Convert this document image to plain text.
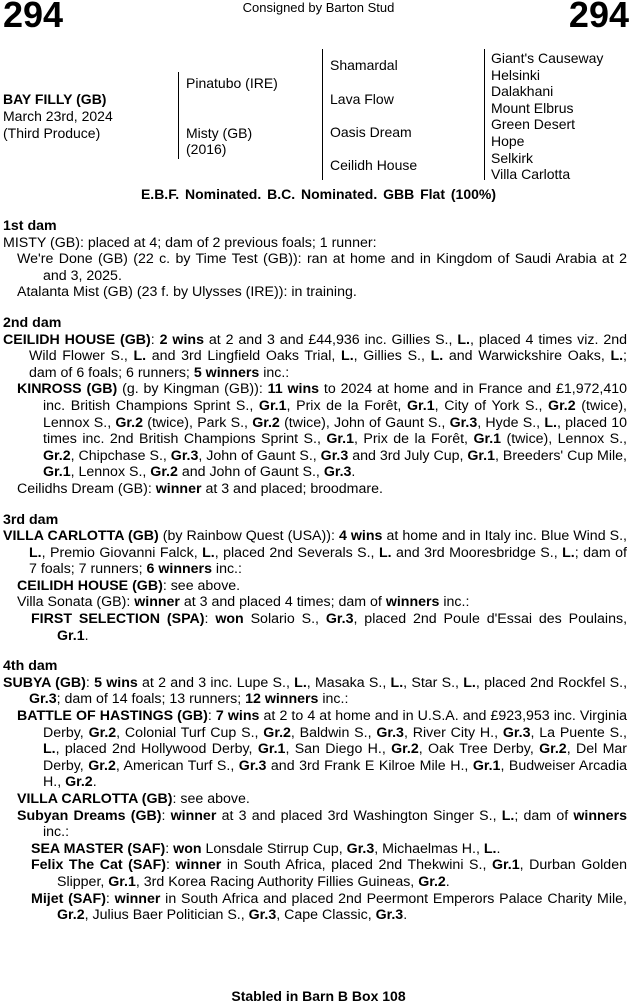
294	Consigned by Barton Stud	294
BAY FILLY (GB)
March 23rd, 2024
(Third Produce)
Pinatubo (IRE)
Misty (GB)
(2016)
Shamardal
Lava Flow
Oasis Dream
Ceilidh House
Giant's Causeway
Helsinki
Dalakhani
Mount Elbrus
Green Desert
Hope
Selkirk
Villa Carlotta
E.B.F. Nominated. B.C. Nominated. GBB Flat (100%)
1st dam
MISTY (GB): placed at 4; dam of 2 previous foals; 1 runner:
We're Done (GB) (22 c. by Time Test (GB)): ran at home and in Kingdom of Saudi Arabia at 2 and 3, 2025.
Atalanta Mist (GB) (23 f. by Ulysses (IRE)): in training.
2nd dam
CEILIDH HOUSE (GB): 2 wins at 2 and 3 and £44,936 inc. Gillies S., L., placed 4 times viz. 2nd Wild Flower S., L. and 3rd Lingfield Oaks Trial, L., Gillies S., L. and Warwickshire Oaks, L.; dam of 6 foals; 6 runners; 5 winners inc.:
KINROSS (GB) (g. by Kingman (GB)): 11 wins to 2024 at home and in France and £1,972,410 inc. British Champions Sprint S., Gr.1, Prix de la Forêt, Gr.1, City of York S., Gr.2 (twice), Lennox S., Gr.2 (twice), Park S., Gr.2 (twice), John of Gaunt S., Gr.3, Hyde S., L., placed 10 times inc. 2nd British Champions Sprint S., Gr.1, Prix de la Forêt, Gr.1 (twice), Lennox S., Gr.2, Chipchase S., Gr.3, John of Gaunt S., Gr.3 and 3rd July Cup, Gr.1, Breeders' Cup Mile, Gr.1, Lennox S., Gr.2 and John of Gaunt S., Gr.3.
Ceilidhs Dream (GB): winner at 3 and placed; broodmare.
3rd dam
VILLA CARLOTTA (GB) (by Rainbow Quest (USA)): 4 wins at home and in Italy inc. Blue Wind S., L., Premio Giovanni Falck, L., placed 2nd Severals S., L. and 3rd Mooresbridge S., L.; dam of 7 foals; 7 runners; 6 winners inc.:
CEILIDH HOUSE (GB): see above.
Villa Sonata (GB): winner at 3 and placed 4 times; dam of winners inc.:
FIRST SELECTION (SPA): won Solario S., Gr.3, placed 2nd Poule d'Essai des Poulains, Gr.1.
4th dam
SUBYA (GB): 5 wins at 2 and 3 inc. Lupe S., L., Masaka S., L., Star S., L., placed 2nd Rockfel S., Gr.3; dam of 14 foals; 13 runners; 12 winners inc.:
BATTLE OF HASTINGS (GB): 7 wins at 2 to 4 at home and in U.S.A. and £923,953 inc. Virginia Derby, Gr.2, Colonial Turf Cup S., Gr.2, Baldwin S., Gr.3, River City H., Gr.3, La Puente S., L., placed 2nd Hollywood Derby, Gr.1, San Diego H., Gr.2, Oak Tree Derby, Gr.2, Del Mar Derby, Gr.2, American Turf S., Gr.3 and 3rd Frank E Kilroe Mile H., Gr.1, Budweiser Arcadia H., Gr.2.
VILLA CARLOTTA (GB): see above.
Subyan Dreams (GB): winner at 3 and placed 3rd Washington Singer S., L.; dam of winners inc.:
SEA MASTER (SAF): won Lonsdale Stirrup Cup, Gr.3, Michaelmas H., L..
Felix The Cat (SAF): winner in South Africa, placed 2nd Thekwini S., Gr.1, Durban Golden Slipper, Gr.1, 3rd Korea Racing Authority Fillies Guineas, Gr.2.
Mijet (SAF): winner in South Africa and placed 2nd Peermont Emperors Palace Charity Mile, Gr.2, Julius Baer Politician S., Gr.3, Cape Classic, Gr.3.
Stabled in Barn B Box 108
